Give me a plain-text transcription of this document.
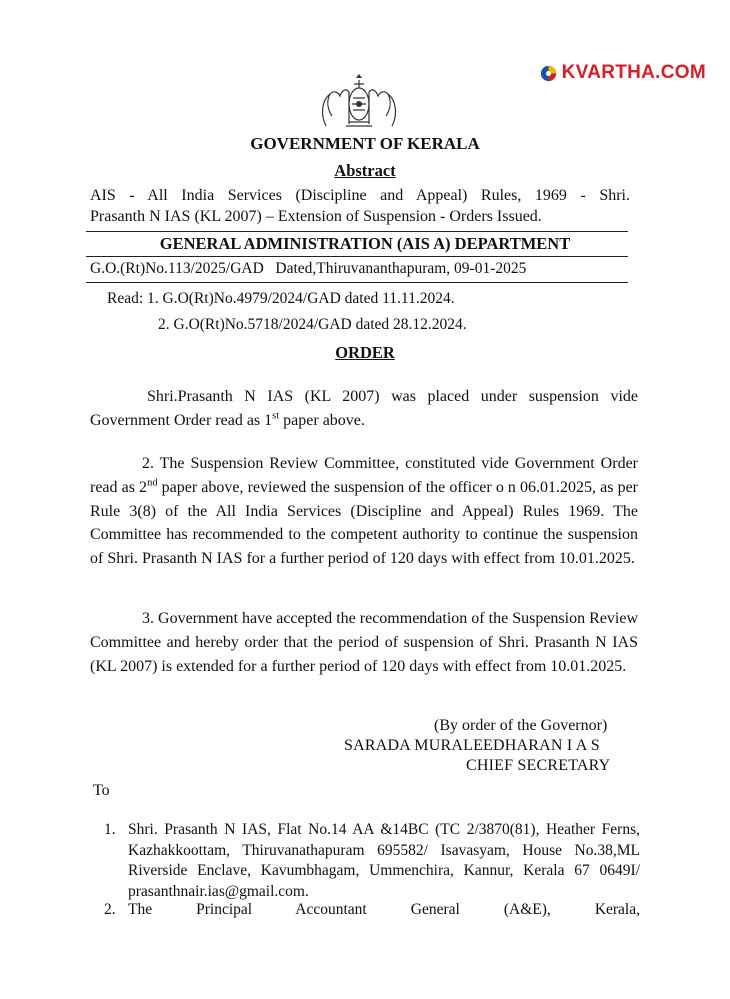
KVARTHA.COM
GOVERNMENT OF KERALA
Abstract
AIS - All India Services (Discipline and Appeal) Rules, 1969 - Shri.
Prasanth N IAS (KL 2007) – Extension of Suspension - Orders Issued.
GENERAL ADMINISTRATION (AIS A) DEPARTMENT
G.O.(Rt)No.113/2025/GAD Dated,Thiruvananthapuram, 09-01-2025
Read: 1. G.O(Rt)No.4979/2024/GAD dated 11.11.2024.
2. G.O(Rt)No.5718/2024/GAD dated 28.12.2024.
ORDER

Shri.Prasanth N IAS (KL 2007) was placed under suspension vide Government Order read as 1st paper above.

2. The Suspension Review Committee, constituted vide Government Order read as 2nd paper above, reviewed the suspension of the officer o n 06.01.2025, as per Rule 3(8) of the All India Services (Discipline and Appeal) Rules 1969. The Committee has recommended to the competent authority to continue the suspension of Shri. Prasanth N IAS for a further period of 120 days with effect from 10.01.2025.

3. Government have accepted the recommendation of the Suspension Review Committee and hereby order that the period of suspension of Shri. Prasanth N IAS (KL 2007) is extended for a further period of 120 days with effect from 10.01.2025.

(By order of the Governor)
SARADA MURALEEDHARAN I A S
CHIEF SECRETARY
To
1. Shri. Prasanth N IAS, Flat No.14 AA &14BC (TC 2/3870(81), Heather Ferns, Kazhakkoottam, Thiruvanathapuram 695582/ Isavasyam, House No.38,ML Riverside Enclave, Kavumbhagam, Ummenchira, Kannur, Kerala 67 0649I/ prasanthnair.ias@gmail.com.
2. The Principal Accountant General (A&E), Kerala,
